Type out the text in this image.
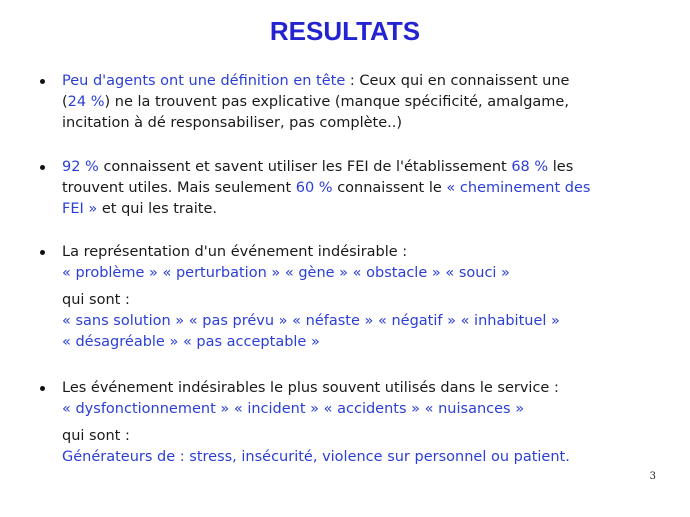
RESULTATS
Peu d'agents ont une définition en tête : Ceux qui en connaissent une
(24 %) ne la trouvent pas explicative (manque spécificité, amalgame,
incitation à dé responsabiliser, pas complète..)
92 % connaissent et savent utiliser les FEI de l'établissement 68 % les
trouvent utiles. Mais seulement 60 % connaissent le « cheminement des
FEI » et qui les traite.
La représentation d'un événement indésirable :
« problème » « perturbation » « gène » « obstacle » « souci »
qui sont :
« sans solution » « pas prévu » « néfaste » « négatif » « inhabituel »
« désagréable » « pas acceptable »
Les événement indésirables le plus souvent utilisés dans le service :
« dysfonctionnement » « incident » « accidents » « nuisances »
qui sont :
Générateurs de : stress, insécurité, violence sur personnel ou patient.
3
